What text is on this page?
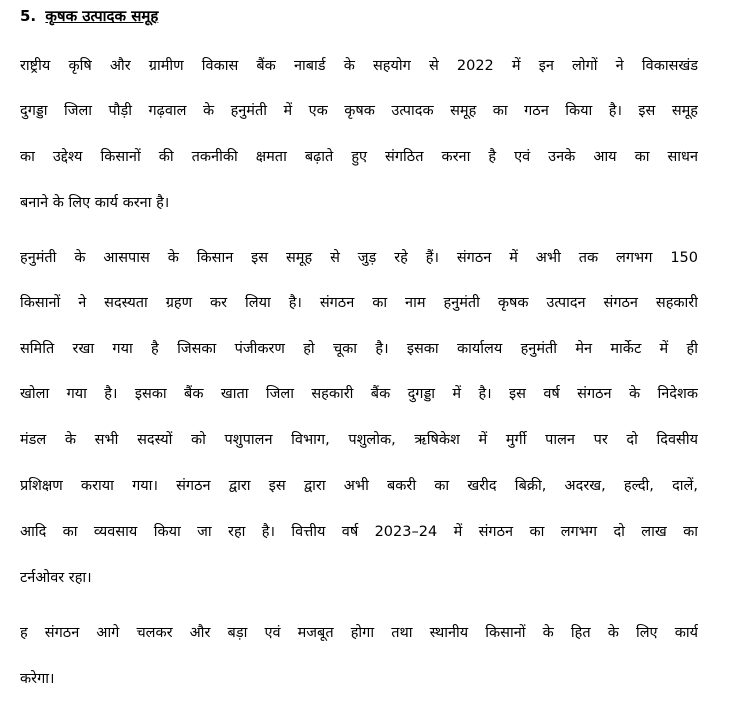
5. कृषक उत्पादक समूह
राष्ट्रीय कृषि और ग्रामीण विकास बैंक नाबार्ड के सहयोग से 2022 में इन लोगों ने विकासखंड
दुगड्डा जिला पौड़ी गढ़वाल के हनुमंती में एक कृषक उत्पादक समूह का गठन किया है। इस समूह
का उद्देश्य किसानों की तकनीकी क्षमता बढ़ाते हुए संगठित करना है एवं उनके आय का साधन
बनाने के लिए कार्य करना है।
हनुमंती के आसपास के किसान इस समूह से जुड़ रहे हैं। संगठन में अभी तक लगभग 150
किसानों ने सदस्यता ग्रहण कर लिया है। संगठन का नाम हनुमंती कृषक उत्पादन संगठन सहकारी
समिति रखा गया है जिसका पंजीकरण हो चूका है। इसका कार्यालय हनुमंती मेन मार्केट में ही
खोला गया है। इसका बैंक खाता जिला सहकारी बैंक दुगड्डा में है। इस वर्ष संगठन के निदेशक
मंडल के सभी सदस्यों को पशुपालन विभाग, पशुलोक, ऋषिकेश में मुर्गी पालन पर दो दिवसीय
प्रशिक्षण कराया गया। संगठन द्वारा इस द्वारा अभी बकरी का खरीद बिक्री, अदरख, हल्दी, दालें,
आदि का व्यवसाय किया जा रहा है। वित्तीय वर्ष 2023–24 में संगठन का लगभग दो लाख का
टर्नओवर रहा।
ह संगठन आगे चलकर और बड़ा एवं मजबूत होगा तथा स्थानीय किसानों के हित के लिए कार्य
करेगा।
